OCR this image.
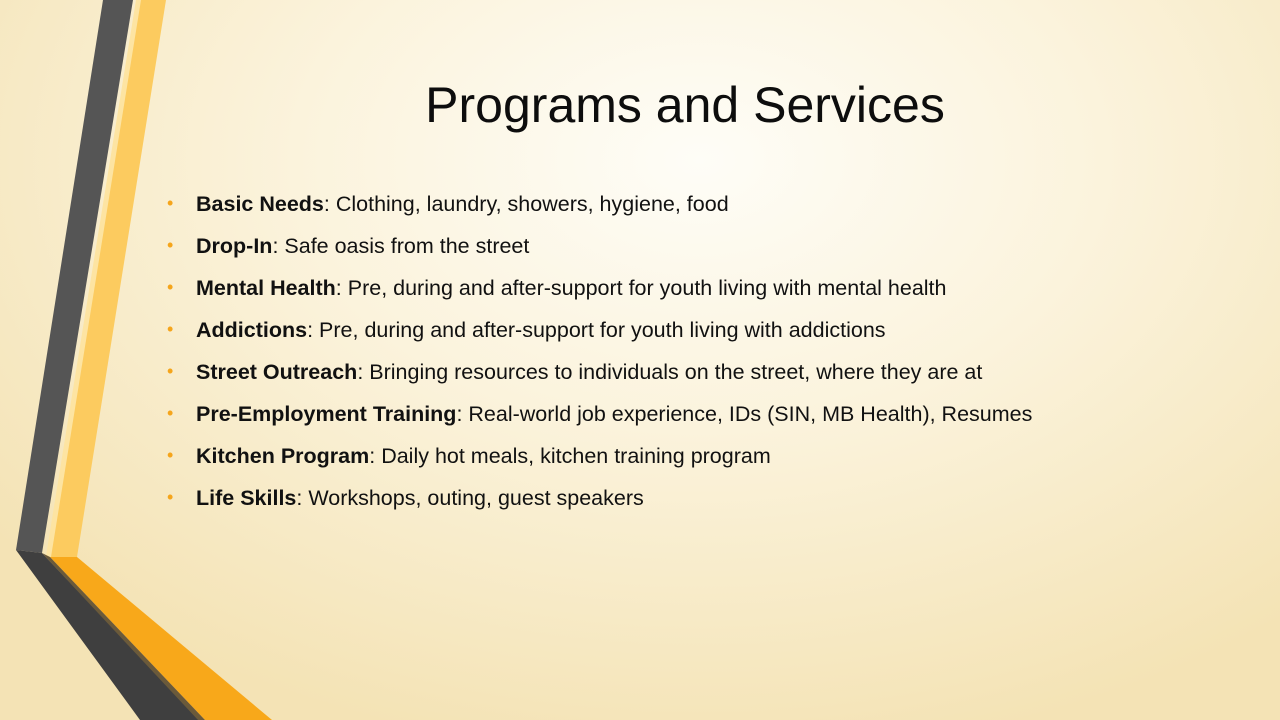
Programs and Services
• Basic Needs: Clothing, laundry, showers, hygiene, food
• Drop-In: Safe oasis from the street
• Mental Health: Pre, during and after-support for youth living with mental health
• Addictions: Pre, during and after-support for youth living with addictions
• Street Outreach: Bringing resources to individuals on the street, where they are at
• Pre-Employment Training: Real-world job experience, IDs (SIN, MB Health), Resumes
• Kitchen Program: Daily hot meals, kitchen training program
• Life Skills: Workshops, outing, guest speakers
